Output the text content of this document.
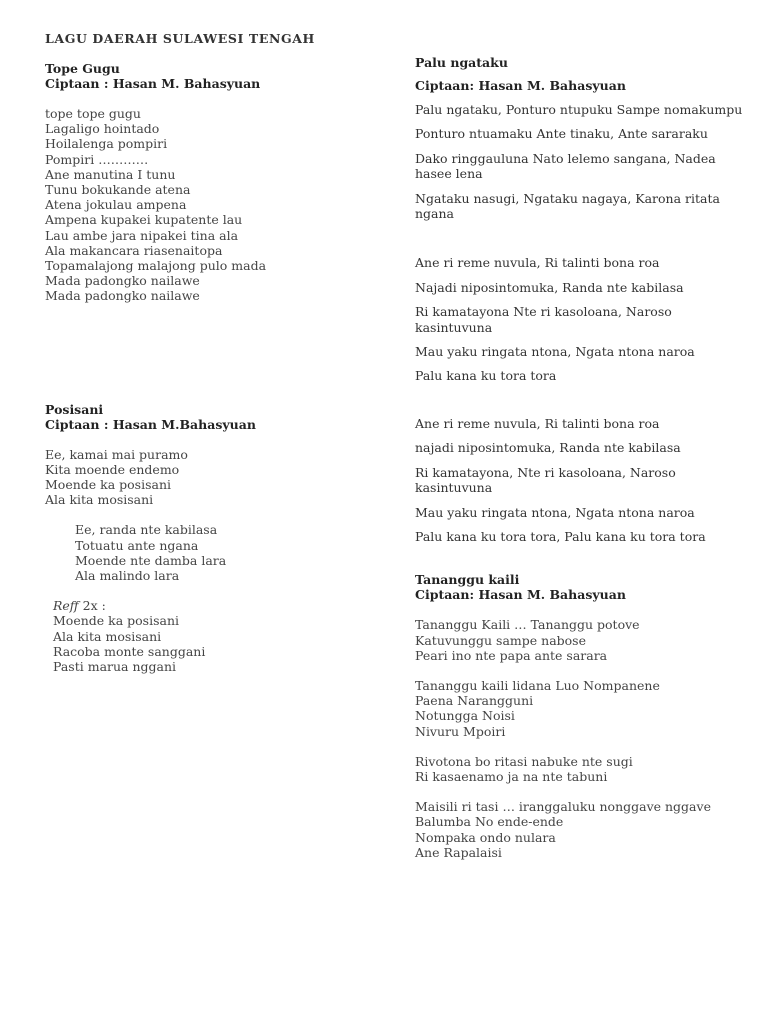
LAGU DAERAH SULAWESI TENGAH

Tope Gugu

Ciptaan : Hasan M. Bahasyuan

tope tope gugu
Lagaligo hointado
Hoilalenga pompiri
Pompiri …………
Ane manutina I tunu
Tunu bokukande atena
Atena jokulau ampena
Ampena kupakei kupatente lau
Lau ambe jara nipakei tina ala
Ala makancara riasenaitopa
Topamalajong malajong pulo mada
Mada padongko nailawe
Mada padongko nailawe

Posisani

Ciptaan : Hasan M.Bahasyuan

Ee, kamai mai puramo
Kita moende endemo
Moende ka posisani
Ala kita mosisani
Ee, randa nte kabilasa
Totuatu ante ngana
Moende nte damba lara
Ala malindo lara
Reff 2x :
Moende ka posisani
Ala kita mosisani
Racoba monte sanggani
Pasti marua nggani

Palu ngataku

Ciptaan: Hasan M. Bahasyuan

Palu ngataku, Ponturo ntupuku Sampe nomakumpu

Ponturo ntuamaku Ante tinaku, Ante sararaku

Dako ringgauluna Nato lelemo sangana, Nadea hasee lena

Ngataku nasugi, Ngataku nagaya, Karona ritata ngana

Ane ri reme nuvula, Ri talinti bona roa

Najadi niposintomuka, Randa nte kabilasa

Ri kamatayona Nte ri kasoloana, Naroso kasintuvuna

Mau yaku ringata ntona, Ngata ntona naroa

Palu kana ku tora tora

Ane ri reme nuvula, Ri talinti bona roa

najadi niposintomuka, Randa nte kabilasa

Ri kamatayona, Nte ri kasoloana, Naroso kasintuvuna

Mau yaku ringata ntona, Ngata ntona naroa

Palu kana ku tora tora, Palu kana ku tora tora

Tananggu kaili

Ciptaan: Hasan M. Bahasyuan

Tananggu Kaili … Tananggu potove
Katuvunggu sampe nabose
Peari ino nte papa ante sarara
Tananggu kaili lidana Luo Nompanene
Paena Narangguni
Notungga Noisi
Nivuru Mpoiri
Rivotona bo ritasi nabuke nte sugi
Ri kasaenamo ja na nte tabuni
Maisili ri tasi … iranggaluku nonggave nggave
Balumba No ende-ende
Nompaka ondo nulara
Ane Rapalaisi
